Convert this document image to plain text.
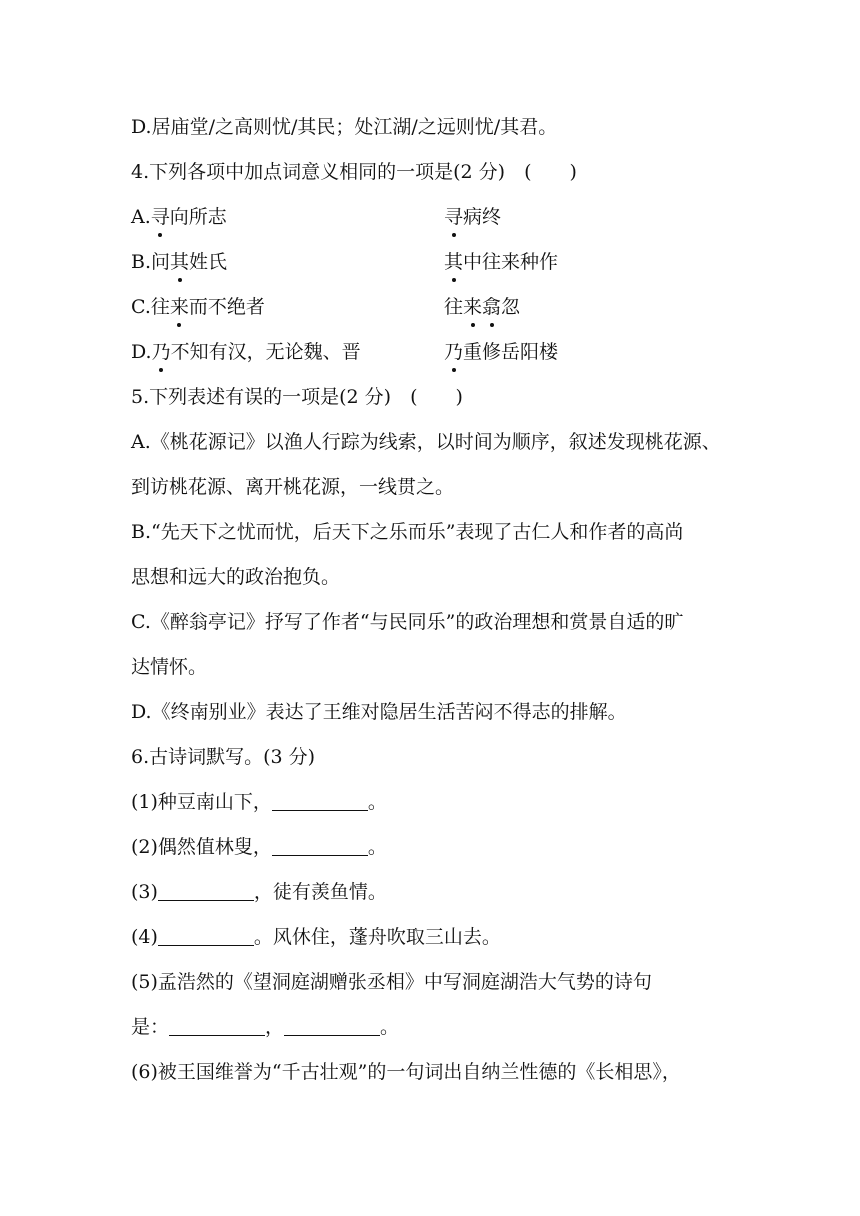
D.居庙堂/之高则忧/其民；处江湖/之远则忧/其君。
4.下列各项中加点词意义相同的一项是(2 分)　(　　)
A.寻向所志	寻病终
B.问其姓氏	其中往来种作
C.往来而不绝者	往来翕忽
D.乃不知有汉，无论魏、晋	乃重修岳阳楼
5.下列表述有误的一项是(2 分)　(　　)
A.《桃花源记》以渔人行踪为线索，以时间为顺序，叙述发现桃花源、
到访桃花源、离开桃花源，一线贯之。
B.“先天下之忧而忧，后天下之乐而乐”表现了古仁人和作者的高尚
思想和远大的政治抱负。
C.《醉翁亭记》抒写了作者“与民同乐”的政治理想和赏景自适的旷
达情怀。
D.《终南别业》表达了王维对隐居生活苦闷不得志的排解。
6.古诗词默写。(3 分)
(1)种豆南山下，	。
(2)偶然值林叟，	。
(3)	，徒有羡鱼情。
(4)	。风休住，蓬舟吹取三山去。
(5)孟浩然的《望洞庭湖赠张丞相》中写洞庭湖浩大气势的诗句
是：	，	。
(6)被王国维誉为“千古壮观”的一句词出自纳兰性德的《长相思》，
